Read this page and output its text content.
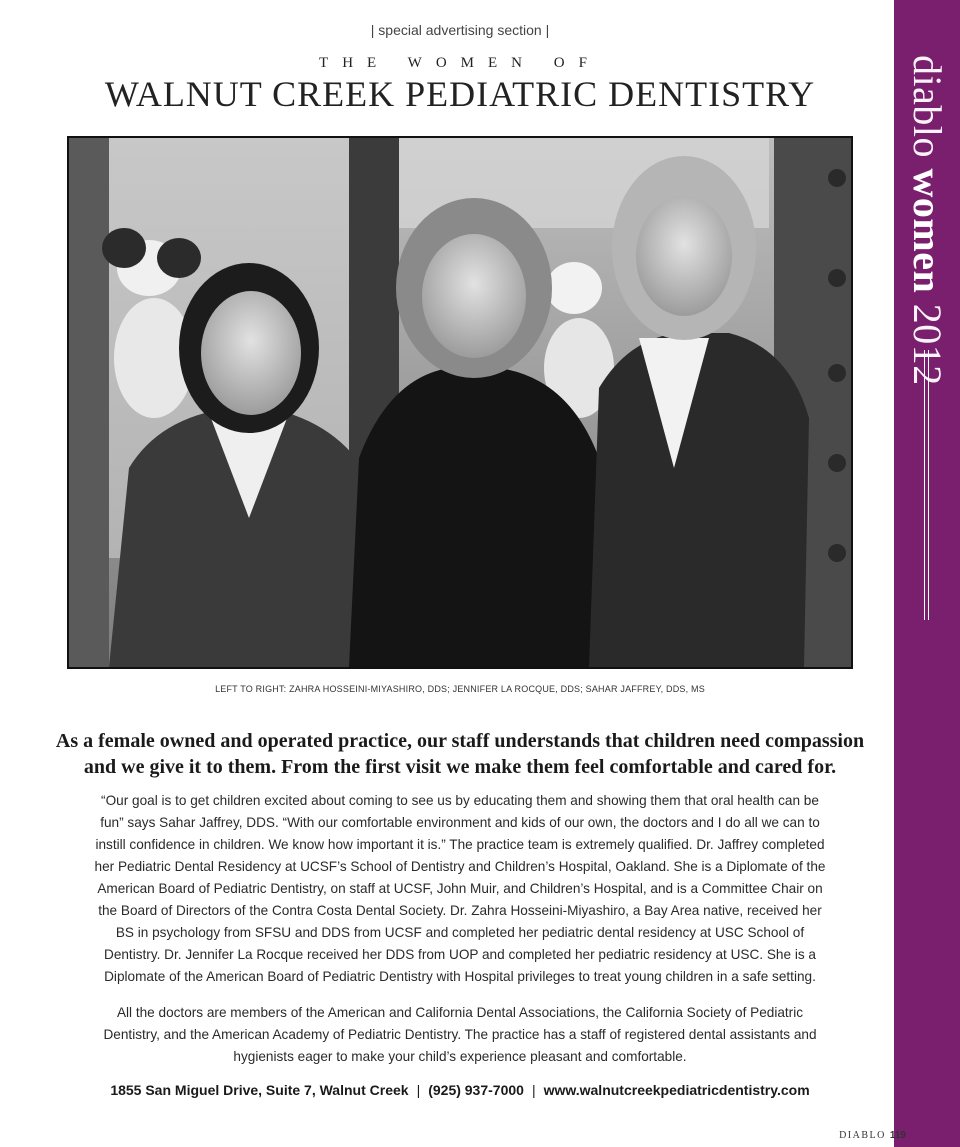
diablo women 2012
| special advertising section |
THE WOMEN OF
WALNUT CREEK PEDIATRIC DENTISTRY
LEFT TO RIGHT: ZAHRA HOSSEINI-MIYASHIRO, DDS; JENNIFER LA ROCQUE, DDS; SAHAR JAFFREY, DDS, MS
As a female owned and operated practice, our staff understands that children need compassion and we give it to them. From the first visit we make them feel comfortable and cared for.
“Our goal is to get children excited about coming to see us by educating them and showing them that oral health can be fun” says Sahar Jaffrey, DDS. “With our comfortable environment and kids of our own, the doctors and I do all we can to instill confidence in children. We know how important it is.” The practice team is extremely qualified. Dr. Jaffrey completed her Pediatric Dental Residency at UCSF’s School of Dentistry and Children’s Hospital, Oakland. She is a Diplomate of the American Board of Pediatric Dentistry, on staff at UCSF, John Muir, and Children’s Hospital, and is a Committee Chair on the Board of Directors of the Contra Costa Dental Society. Dr. Zahra Hosseini-Miyashiro, a Bay Area native, received her BS in psychology from SFSU and DDS from UCSF and completed her pediatric dental residency at USC School of Dentistry. Dr. Jennifer La Rocque received her DDS from UOP and completed her pediatric residency at USC. She is a Diplomate of the American Board of Pediatric Dentistry with Hospital privileges to treat young children in a safe setting.
All the doctors are members of the American and California Dental Associations, the California Society of Pediatric Dentistry, and the American Academy of Pediatric Dentistry. The practice has a staff of registered dental assistants and hygienists eager to make your child’s experience pleasant and comfortable.
1855 San Miguel Drive, Suite 7, Walnut Creek | (925) 937-7000 | www.walnutcreekpediatricdentistry.com
DIABLO 119
